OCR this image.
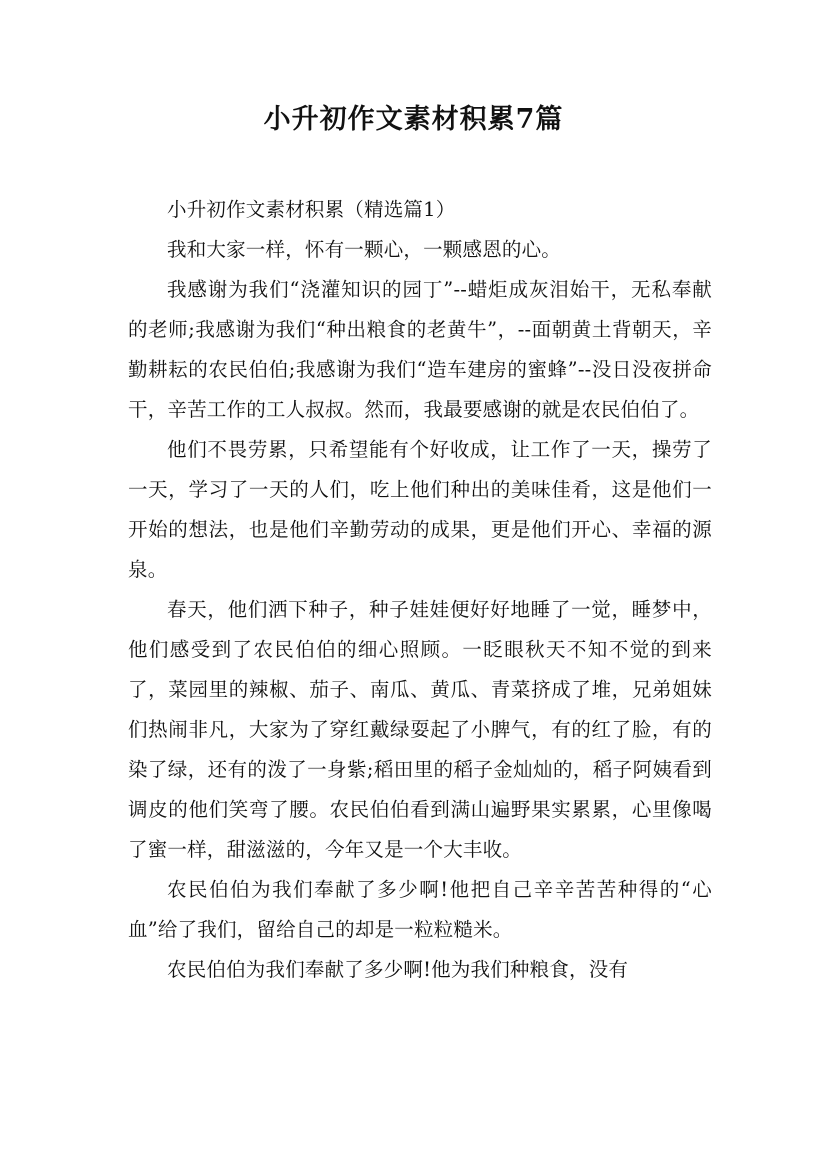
小升初作文素材积累7篇

小升初作文素材积累（精选篇1）

我和大家一样，怀有一颗心，一颗感恩的心。

我感谢为我们“浇灌知识的园丁”--蜡炬成灰泪始干，无私奉献的老师;我感谢为我们“种出粮食的老黄牛”，--面朝黄土背朝天，辛勤耕耘的农民伯伯;我感谢为我们“造车建房的蜜蜂”--没日没夜拼命干，辛苦工作的工人叔叔。然而，我最要感谢的就是农民伯伯了。

他们不畏劳累，只希望能有个好收成，让工作了一天，操劳了一天，学习了一天的人们，吃上他们种出的美味佳肴，这是他们一开始的想法，也是他们辛勤劳动的成果，更是他们开心、幸福的源泉。

春天，他们洒下种子，种子娃娃便好好地睡了一觉，睡梦中，他们感受到了农民伯伯的细心照顾。一眨眼秋天不知不觉的到来了，菜园里的辣椒、茄子、南瓜、黄瓜、青菜挤成了堆，兄弟姐妹们热闹非凡，大家为了穿红戴绿耍起了小脾气，有的红了脸，有的染了绿，还有的泼了一身紫;稻田里的稻子金灿灿的，稻子阿姨看到调皮的他们笑弯了腰。农民伯伯看到满山遍野果实累累，心里像喝了蜜一样，甜滋滋的，今年又是一个大丰收。

农民伯伯为我们奉献了多少啊!他把自己辛辛苦苦种得的“心血”给了我们，留给自己的却是一粒粒糙米。

农民伯伯为我们奉献了多少啊!他为我们种粮食，没有
